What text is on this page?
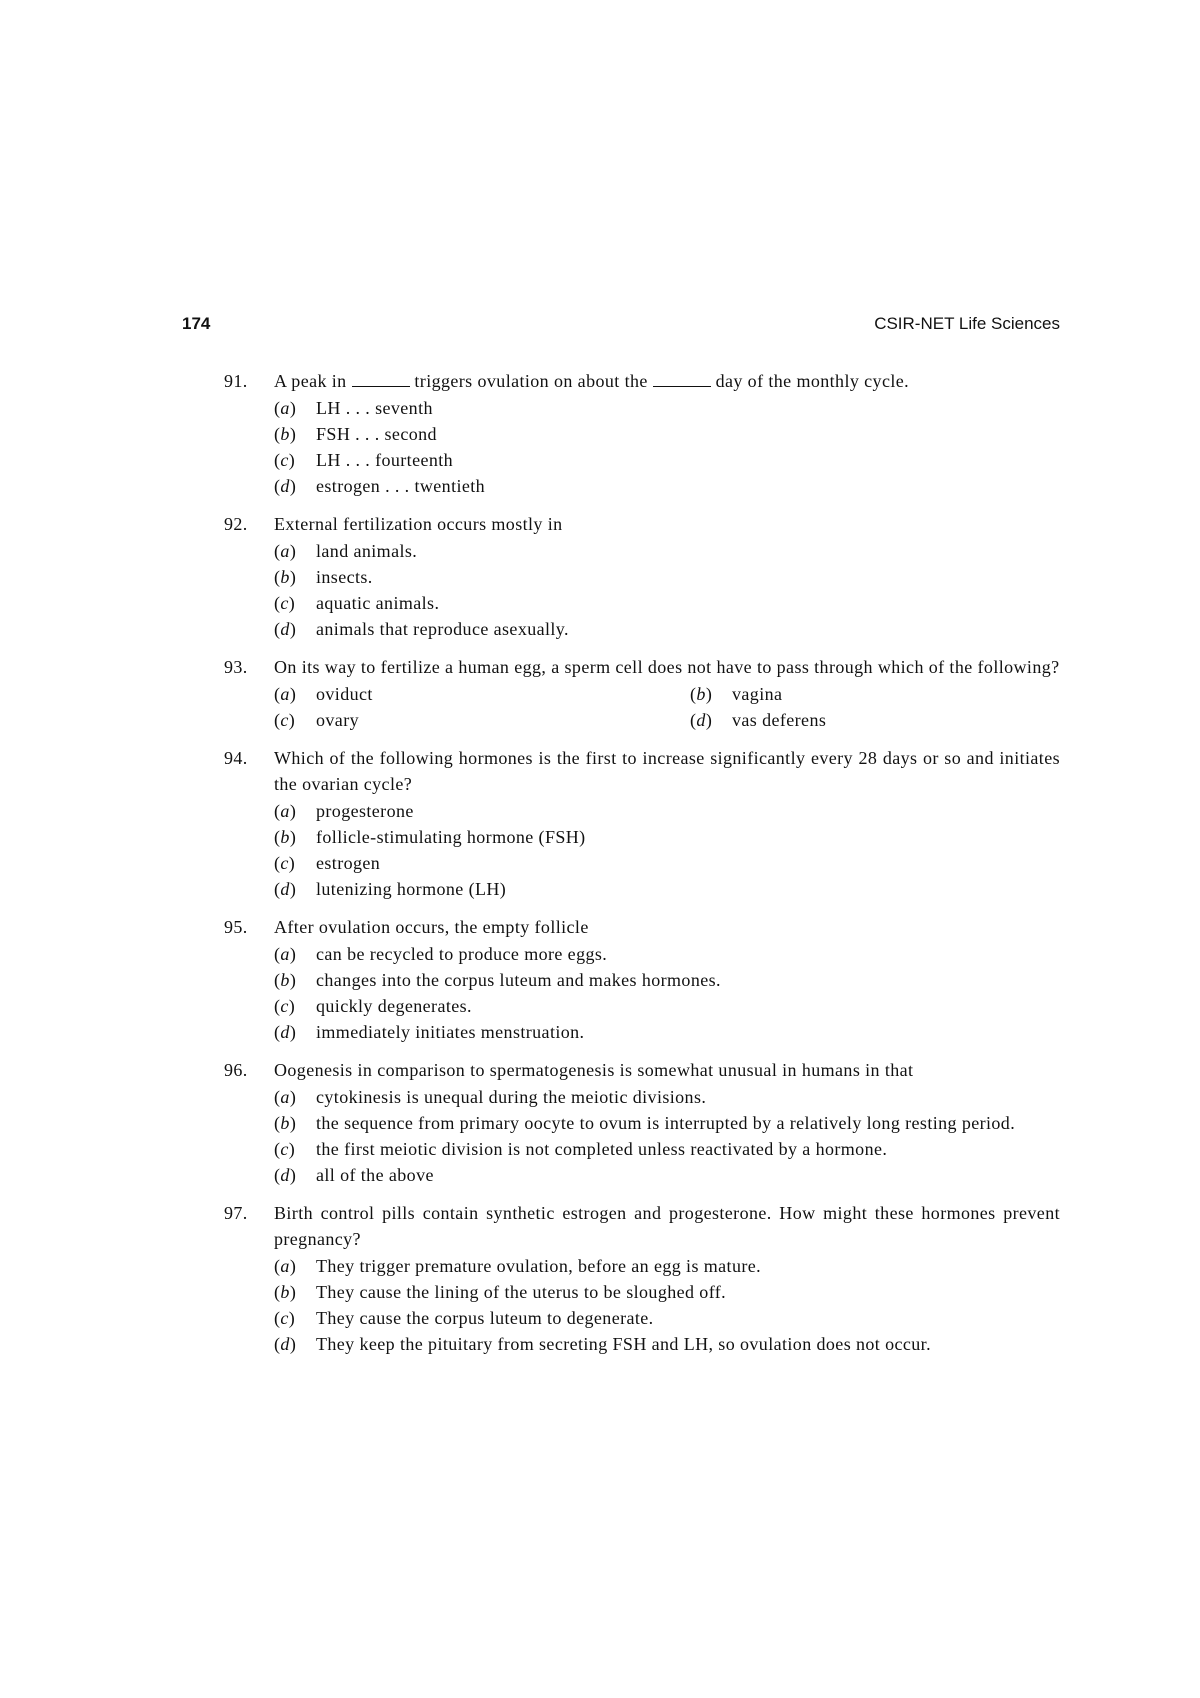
174	CSIR-NET Life Sciences
91. A peak in	triggers ovulation on about the	day of the monthly cycle.
(a) LH . . . seventh
(b) FSH . . . second
(c) LH . . . fourteenth
(d) estrogen . . . twentieth
92. External fertilization occurs mostly in
(a) land animals.
(b) insects.
(c) aquatic animals.
(d) animals that reproduce asexually.
93. On its way to fertilize a human egg, a sperm cell does not have to pass through which of the following?
(a) oviduct	(b) vagina
(c) ovary	(d) vas deferens
94. Which of the following hormones is the first to increase significantly every 28 days or so and initiates the ovarian cycle?
(a) progesterone
(b) follicle-stimulating hormone (FSH)
(c) estrogen
(d) lutenizing hormone (LH)
95. After ovulation occurs, the empty follicle
(a) can be recycled to produce more eggs.
(b) changes into the corpus luteum and makes hormones.
(c) quickly degenerates.
(d) immediately initiates menstruation.
96. Oogenesis in comparison to spermatogenesis is somewhat unusual in humans in that
(a) cytokinesis is unequal during the meiotic divisions.
(b) the sequence from primary oocyte to ovum is interrupted by a relatively long resting period.
(c) the first meiotic division is not completed unless reactivated by a hormone.
(d) all of the above
97. Birth control pills contain synthetic estrogen and progesterone. How might these hormones prevent pregnancy?
(a) They trigger premature ovulation, before an egg is mature.
(b) They cause the lining of the uterus to be sloughed off.
(c) They cause the corpus luteum to degenerate.
(d) They keep the pituitary from secreting FSH and LH, so ovulation does not occur.
